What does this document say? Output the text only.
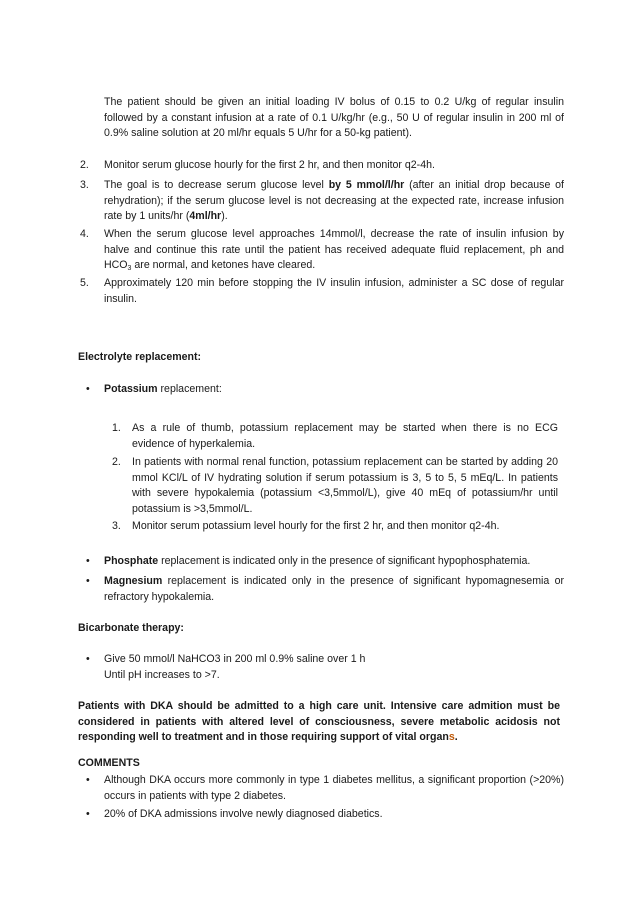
The patient should be given an initial loading IV bolus of 0.15 to 0.2 U/kg of regular insulin followed by a constant infusion at a rate of 0.1 U/kg/hr (e.g., 50 U of regular insulin in 200 ml of 0.9% saline solution at 20 ml/hr equals 5 U/hr for a 50-kg patient).
2. Monitor serum glucose hourly for the first 2 hr, and then monitor q2-4h.
3. The goal is to decrease serum glucose level by 5 mmol/l/hr (after an initial drop because of rehydration); if the serum glucose level is not decreasing at the expected rate, increase infusion rate by 1 units/hr (4ml/hr).
4. When the serum glucose level approaches 14mmol/l, decrease the rate of insulin infusion by halve and continue this rate until the patient has received adequate fluid replacement, ph and $HCO_3$ are normal, and ketones have cleared.
5. Approximately 120 min before stopping the IV insulin infusion, administer a SC dose of regular insulin.
Electrolyte replacement:
• Potassium replacement:
1. As a rule of thumb, potassium replacement may be started when there is no ECG evidence of hyperkalemia.
2. In patients with normal renal function, potassium replacement can be started by adding 20 mmol KCl/L of IV hydrating solution if serum potassium is 3, 5 to 5, 5 mEq/L. In patients with severe hypokalemia (potassium <3,5mmol/L), give 40 mEq of potassium/hr until potassium is >3,5mmol/L.
3. Monitor serum potassium level hourly for the first 2 hr, and then monitor q2-4h.
• Phosphate replacement is indicated only in the presence of significant hypophosphatemia.
• Magnesium replacement is indicated only in the presence of significant hypomagnesemia or refractory hypokalemia.
Bicarbonate therapy:
• Give 50 mmol/l NaHCO3 in 200 ml 0.9% saline over 1 h
Until pH increases to >7.
Patients with DKA should be admitted to a high care unit. Intensive care admition must be considered in patients with altered level of consciousness, severe metabolic acidosis not responding well to treatment and in those requiring support of vital organs.
COMMENTS
• Although DKA occurs more commonly in type 1 diabetes mellitus, a significant proportion (>20%) occurs in patients with type 2 diabetes.
• 20% of DKA admissions involve newly diagnosed diabetics.
